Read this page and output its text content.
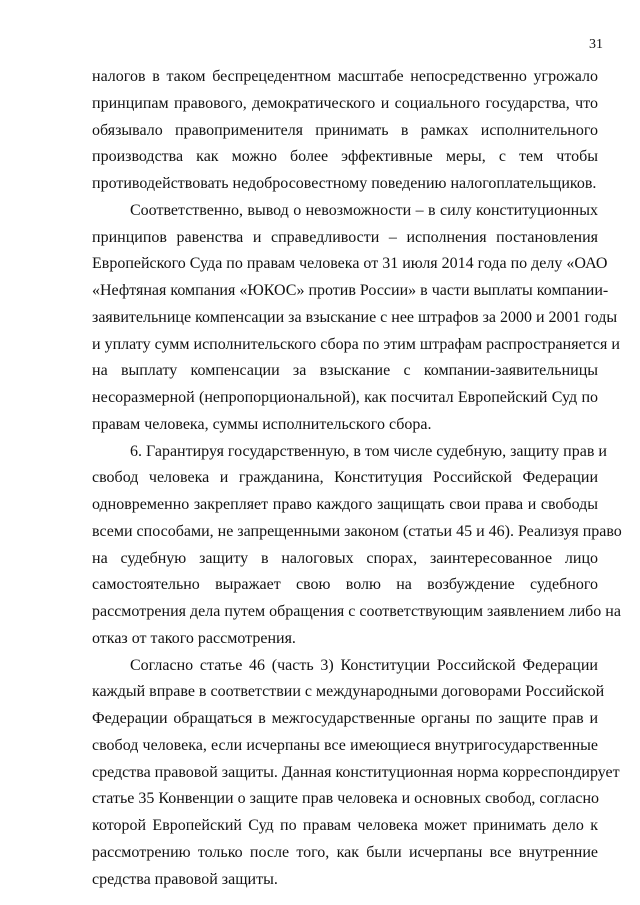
31
налогов в таком беспрецедентном масштабе непосредственно угрожало
принципам правового, демократического и социального государства, что
обязывало правоприменителя принимать в рамках исполнительного
производства как можно более эффективные меры, с тем чтобы
противодействовать недобросовестному поведению налогоплательщиков.
Соответственно, вывод о невозможности – в силу конституционных
принципов равенства и справедливости – исполнения постановления
Европейского Суда по правам человека от 31 июля 2014 года по делу «ОАО
«Нефтяная компания «ЮКОС» против России» в части выплаты компании-
заявительнице компенсации за взыскание с нее штрафов за 2000 и 2001 годы
и уплату сумм исполнительского сбора по этим штрафам распространяется и
на выплату компенсации за взыскание с компании-заявительницы
несоразмерной (непропорциональной), как посчитал Европейский Суд по
правам человека, суммы исполнительского сбора.
6. Гарантируя государственную, в том числе судебную, защиту прав и
свобод человека и гражданина, Конституция Российской Федерации
одновременно закрепляет право каждого защищать свои права и свободы
всеми способами, не запрещенными законом (статьи 45 и 46). Реализуя право
на судебную защиту в налоговых спорах, заинтересованное лицо
самостоятельно выражает свою волю на возбуждение судебного
рассмотрения дела путем обращения с соответствующим заявлением либо на
отказ от такого рассмотрения.
Согласно статье 46 (часть 3) Конституции Российской Федерации
каждый вправе в соответствии с международными договорами Российской
Федерации обращаться в межгосударственные органы по защите прав и
свобод человека, если исчерпаны все имеющиеся внутригосударственные
средства правовой защиты. Данная конституционная норма корреспондирует
статье 35 Конвенции о защите прав человека и основных свобод, согласно
которой Европейский Суд по правам человека может принимать дело к
рассмотрению только после того, как были исчерпаны все внутренние
средства правовой защиты.
